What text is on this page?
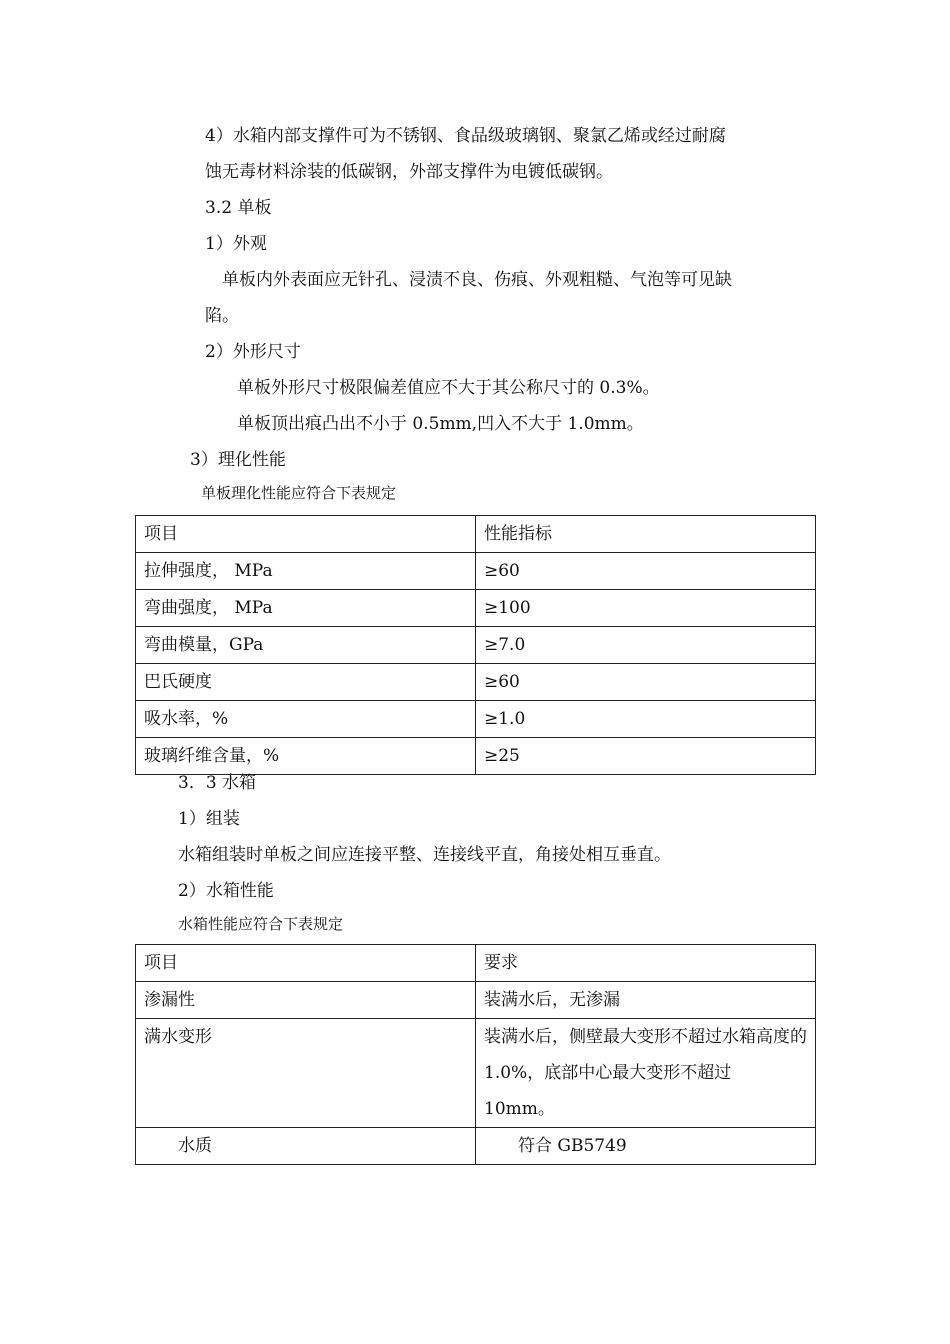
4）水箱内部支撑件可为不锈钢、食品级玻璃钢、聚氯乙烯或经过耐腐
蚀无毒材料涂装的低碳钢，外部支撑件为电镀低碳钢。
3.2 单板
1）外观
单板内外表面应无针孔、浸渍不良、伤痕、外观粗糙、气泡等可见缺
陷。
2）外形尺寸
单板外形尺寸极限偏差值应不大于其公称尺寸的 0.3%。
单板顶出痕凸出不小于 0.5mm,凹入不大于 1.0mm。
3）理化性能
单板理化性能应符合下表规定
项目	性能指标
拉伸强度， MPa	≥60
弯曲强度， MPa	≥100
弯曲模量，GPa	≥7.0
巴氏硬度	≥60
吸水率，%	≥1.0
玻璃纤维含量，%	≥25
3．3 水箱
1）组装
水箱组装时单板之间应连接平整、连接线平直，角接处相互垂直。
2）水箱性能
水箱性能应符合下表规定
项目	要求
渗漏性	装满水后，无渗漏
满水变形	装满水后，侧壁最大变形不超过水箱高度的 1.0%，底部中心最大变形不超过 10mm。
水质	符合 GB5749
